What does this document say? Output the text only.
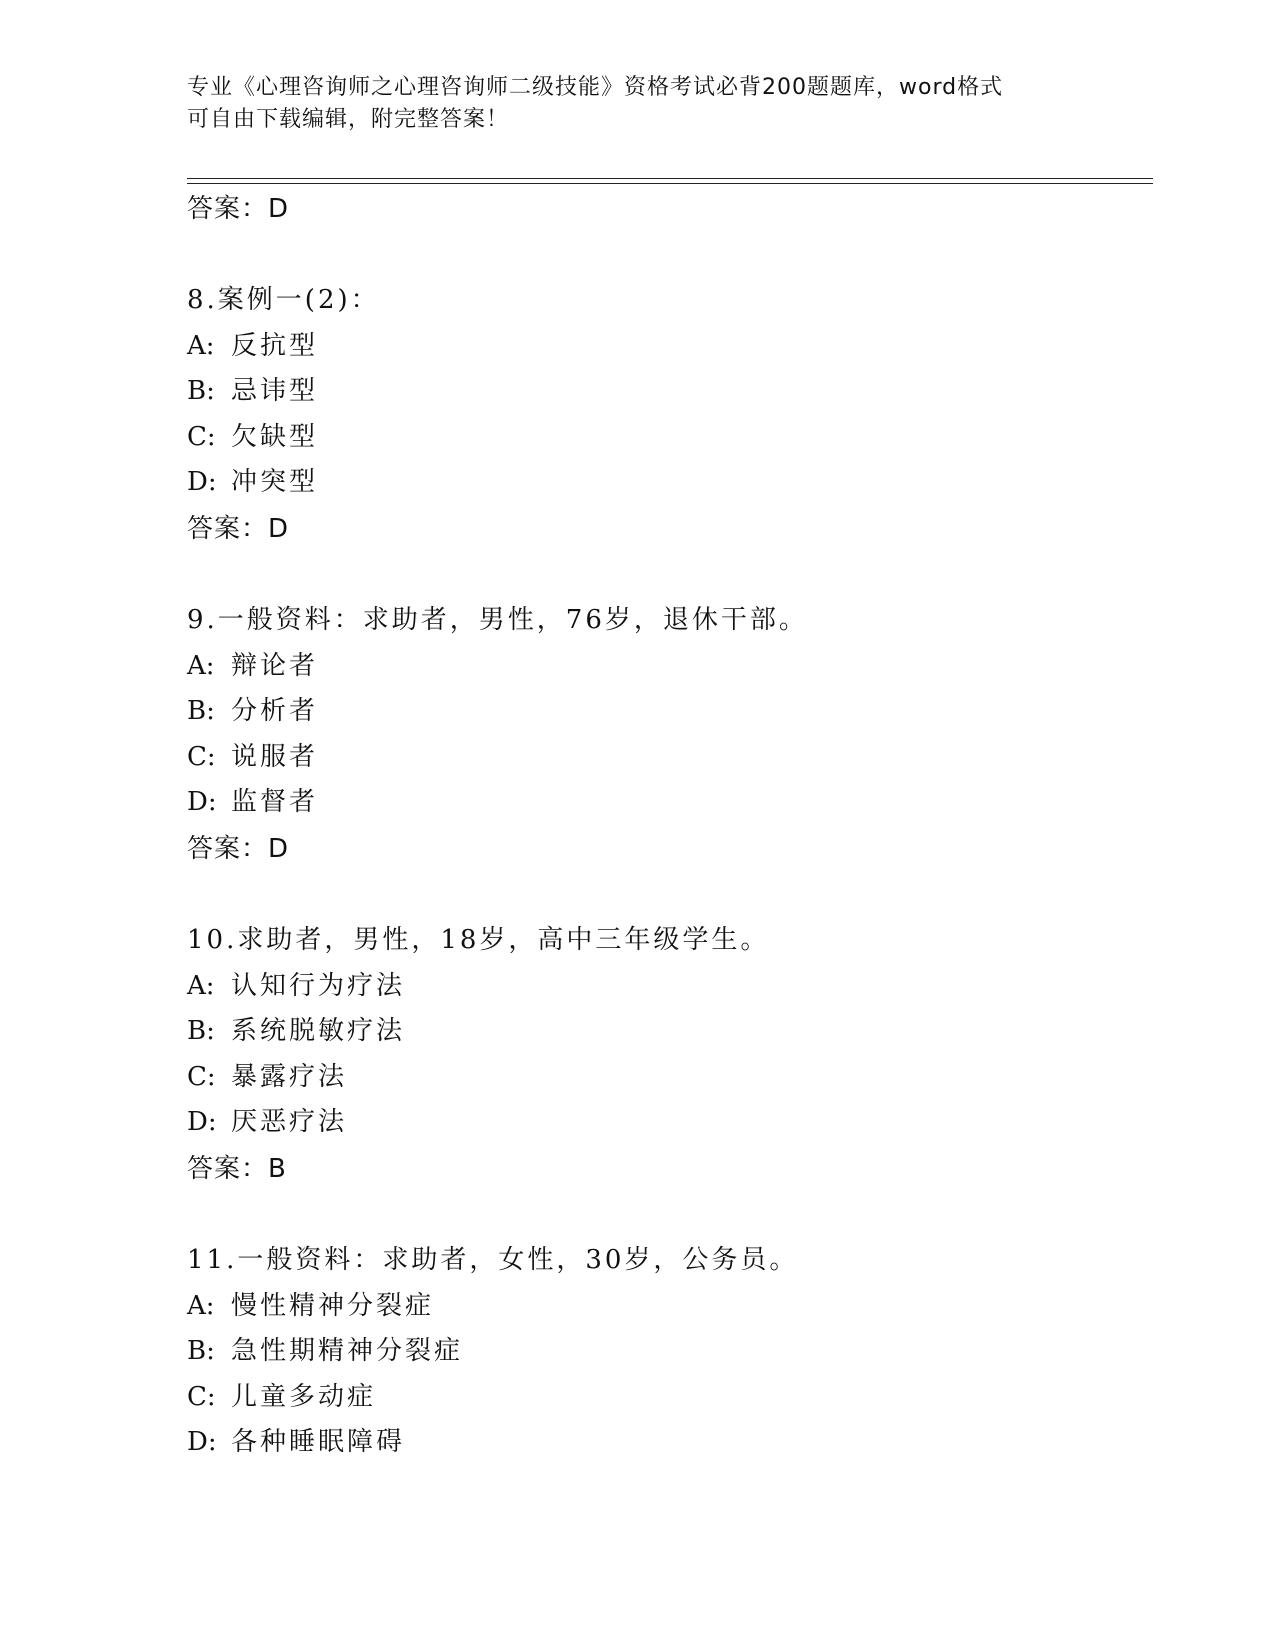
专业《心理咨询师之心理咨询师二级技能》资格考试必背200题题库，word格式
可自由下载编辑，附完整答案！
答案：D
8.案例一(2)：
A: 反抗型
B: 忌讳型
C: 欠缺型
D: 冲突型
答案：D
9.一般资料：求助者，男性，76岁，退休干部。
A: 辩论者
B: 分析者
C: 说服者
D: 监督者
答案：D
10.求助者，男性，18岁，高中三年级学生。
A: 认知行为疗法
B: 系统脱敏疗法
C: 暴露疗法
D: 厌恶疗法
答案：B
11.一般资料：求助者，女性，30岁，公务员。
A: 慢性精神分裂症
B: 急性期精神分裂症
C: 儿童多动症
D: 各种睡眠障碍
